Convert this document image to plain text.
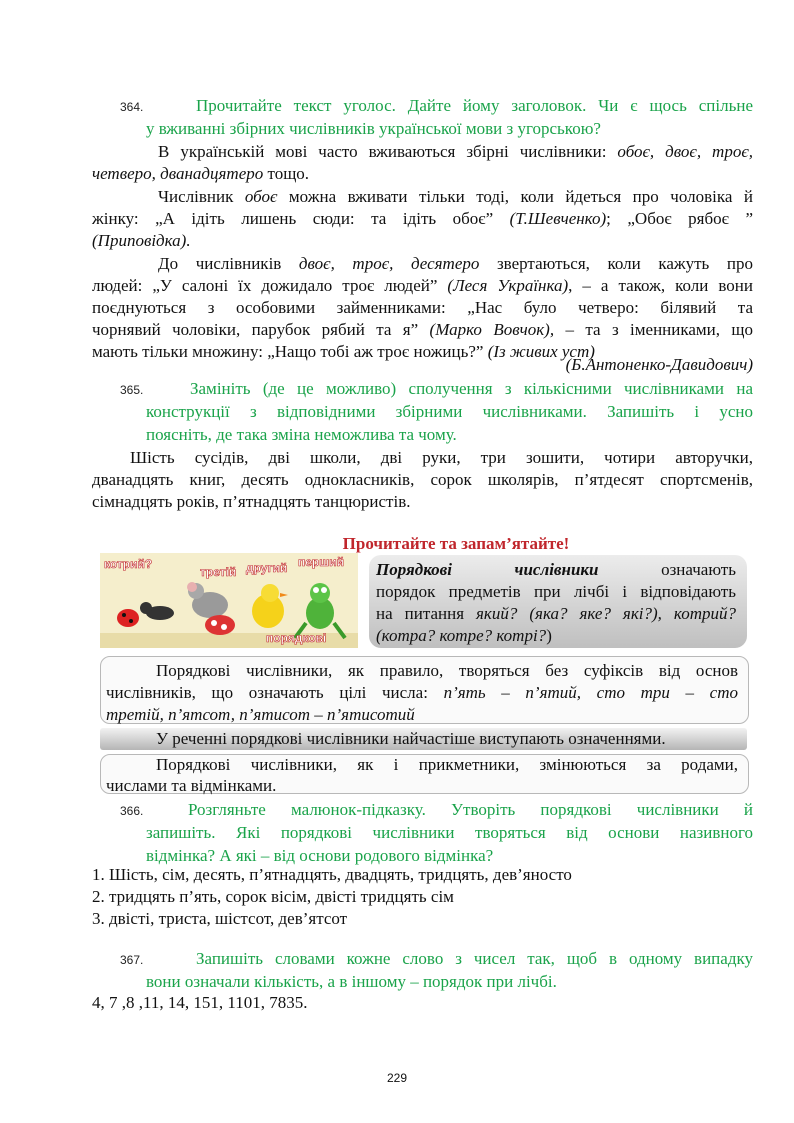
364.	Прочитайте текст уголос. Дайте йому заголовок. Чи є щось спільне
у вживанні збірних числівників української мови з угорською?
В українській мові часто вживаються збірні числівники: обоє, двоє, троє,
четверо, дванадцятеро тощо.
Числівник обоє можна вживати тільки тоді, коли йдеться про чоловіка й
жінку: „А ідіть лишень сюди: та ідіть обоє” (Т.Шевченко); „Обоє рябоє ”
(Приповідка).
До числівників двоє, троє, десятеро звертаються, коли кажуть про
людей: „У салоні їх дожидало троє людей” (Леся Українка), – а також, коли вони
поєднуються з особовими займенниками: „Нас було четверо: білявий та
чорнявий чоловіки, парубок рябий та я” (Марко Вовчок), – та з іменниками, що
мають тільки множину: „Нащо тобі аж троє ножиць?” (Із живих уст)
(Б.Антоненко-Давидович)
365.	Замініть (де це можливо) сполучення з кількісними числівниками на
конструкції з відповідними збірними числівниками. Запишіть і усно
поясніть, де така зміна неможлива та чому.
Шість сусідів, дві школи, дві руки, три зошити, чотири авторучки,
дванадцять книг, десять однокласників, сорок школярів, п’ятдесят спортсменів,
сімнадцять років, п’ятнадцять танцюристів.
Прочитайте та запам’ятайте!
котрий?
третій другий перший
порядкові
Порядкові числівники означають
порядок предметів при лічбі і відповідають
на питання який? (яка? яке? які?), котрий?
(котра? котре? котрі?)
Порядкові числівники, як правило, творяться без суфіксів від основ
числівників, що означають цілі числа: п’ять – п’ятий, сто три – сто
третій, п’ятсот, п’ятисот – п’ятисотий
У реченні порядкові числівники найчастіше виступають означеннями.
Порядкові числівники, як і прикметники, змінюються за родами,
числами та відмінками.
366.	Розгляньте малюнок-підказку. Утворіть порядкові числівники й
запишіть. Які порядкові числівники творяться від основи називного
відмінка? А які – від основи родового відмінка?
1. Шість, сім, десять, п’ятнадцять, двадцять, тридцять, дев’яносто
2. тридцять п’ять, сорок вісім, двісті тридцять сім
3. двісті, триста, шістсот, дев’ятсот
367.	Запишіть словами кожне слово з чисел так, щоб в одному випадку
вони означали кількість, а в іншому – порядок при лічбі.
4, 7 ,8 ,11, 14, 151, 1101, 7835.
229
